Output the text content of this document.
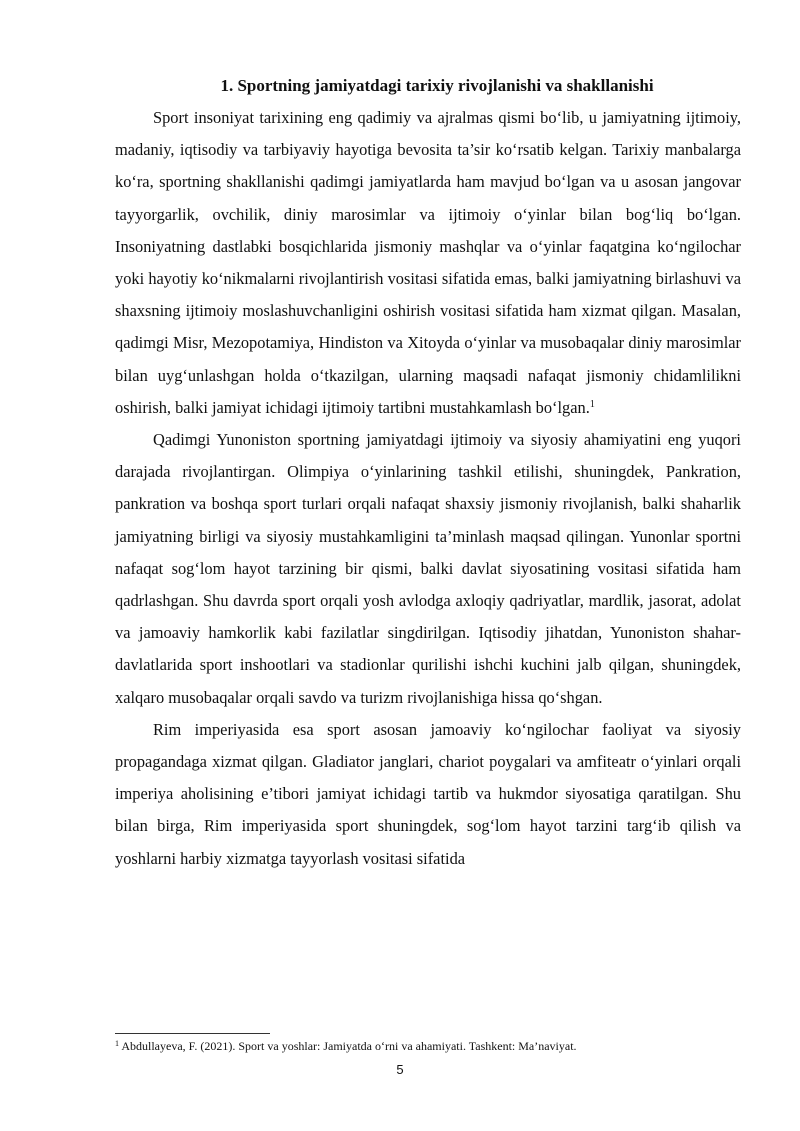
1. Sportning jamiyatdagi tarixiy rivojlanishi va shakllanishi

Sport insoniyat tarixining eng qadimiy va ajralmas qismi bo‘lib, u jamiyatning ijtimoiy, madaniy, iqtisodiy va tarbiyaviy hayotiga bevosita ta’sir ko‘rsatib kelgan. Tarixiy manbalarga ko‘ra, sportning shakllanishi qadimgi jamiyatlarda ham mavjud bo‘lgan va u asosan jangovar tayyorgarlik, ovchilik, diniy marosimlar va ijtimoiy o‘yinlar bilan bog‘liq bo‘lgan. Insoniyatning dastlabki bosqichlarida jismoniy mashqlar va o‘yinlar faqatgina ko‘ngilochar yoki hayotiy ko‘nikmalarni rivojlantirish vositasi sifatida emas, balki jamiyatning birlashuvi va shaxsning ijtimoiy moslashuvchanligini oshirish vositasi sifatida ham xizmat qilgan. Masalan, qadimgi Misr, Mezopotamiya, Hindiston va Xitoyda o‘yinlar va musobaqalar diniy marosimlar bilan uyg‘unlashgan holda o‘tkazilgan, ularning maqsadi nafaqat jismoniy chidamlilikni oshirish, balki jamiyat ichidagi ijtimoiy tartibni mustahkamlash bo‘lgan.$^1$

Qadimgi Yunoniston sportning jamiyatdagi ijtimoiy va siyosiy ahamiyatini eng yuqori darajada rivojlantirgan. Olimpiya o‘yinlarining tashkil etilishi, shuningdek, Pankration, pankration va boshqa sport turlari orqali nafaqat shaxsiy jismoniy rivojlanish, balki shaharlik jamiyatning birligi va siyosiy mustahkamligini ta’minlash maqsad qilingan. Yunonlar sportni nafaqat sog‘lom hayot tarzining bir qismi, balki davlat siyosatining vositasi sifatida ham qadrlashgan. Shu davrda sport orqali yosh avlodga axloqiy qadriyatlar, mardlik, jasorat, adolat va jamoaviy hamkorlik kabi fazilatlar singdirilgan. Iqtisodiy jihatdan, Yunoniston shahar-davlatlarida sport inshootlari va stadionlar qurilishi ishchi kuchini jalb qilgan, shuningdek, xalqaro musobaqalar orqali savdo va turizm rivojlanishiga hissa qo‘shgan.

Rim imperiyasida esa sport asosan jamoaviy ko‘ngilochar faoliyat va siyosiy propagandaga xizmat qilgan. Gladiator janglari, chariot poygalari va amfiteatr o‘yinlari orqali imperiya aholisining e’tibori jamiyat ichidagi tartib va hukmdor siyosatiga qaratilgan. Shu bilan birga, Rim imperiyasida sport shuningdek, sog‘lom hayot tarzini targ‘ib qilish va yoshlarni harbiy xizmatga tayyorlash vositasi sifatida

$^1$ Abdullayeva, F. (2021). Sport va yoshlar: Jamiyatda o‘rni va ahamiyati. Tashkent: Ma’naviyat.
5
